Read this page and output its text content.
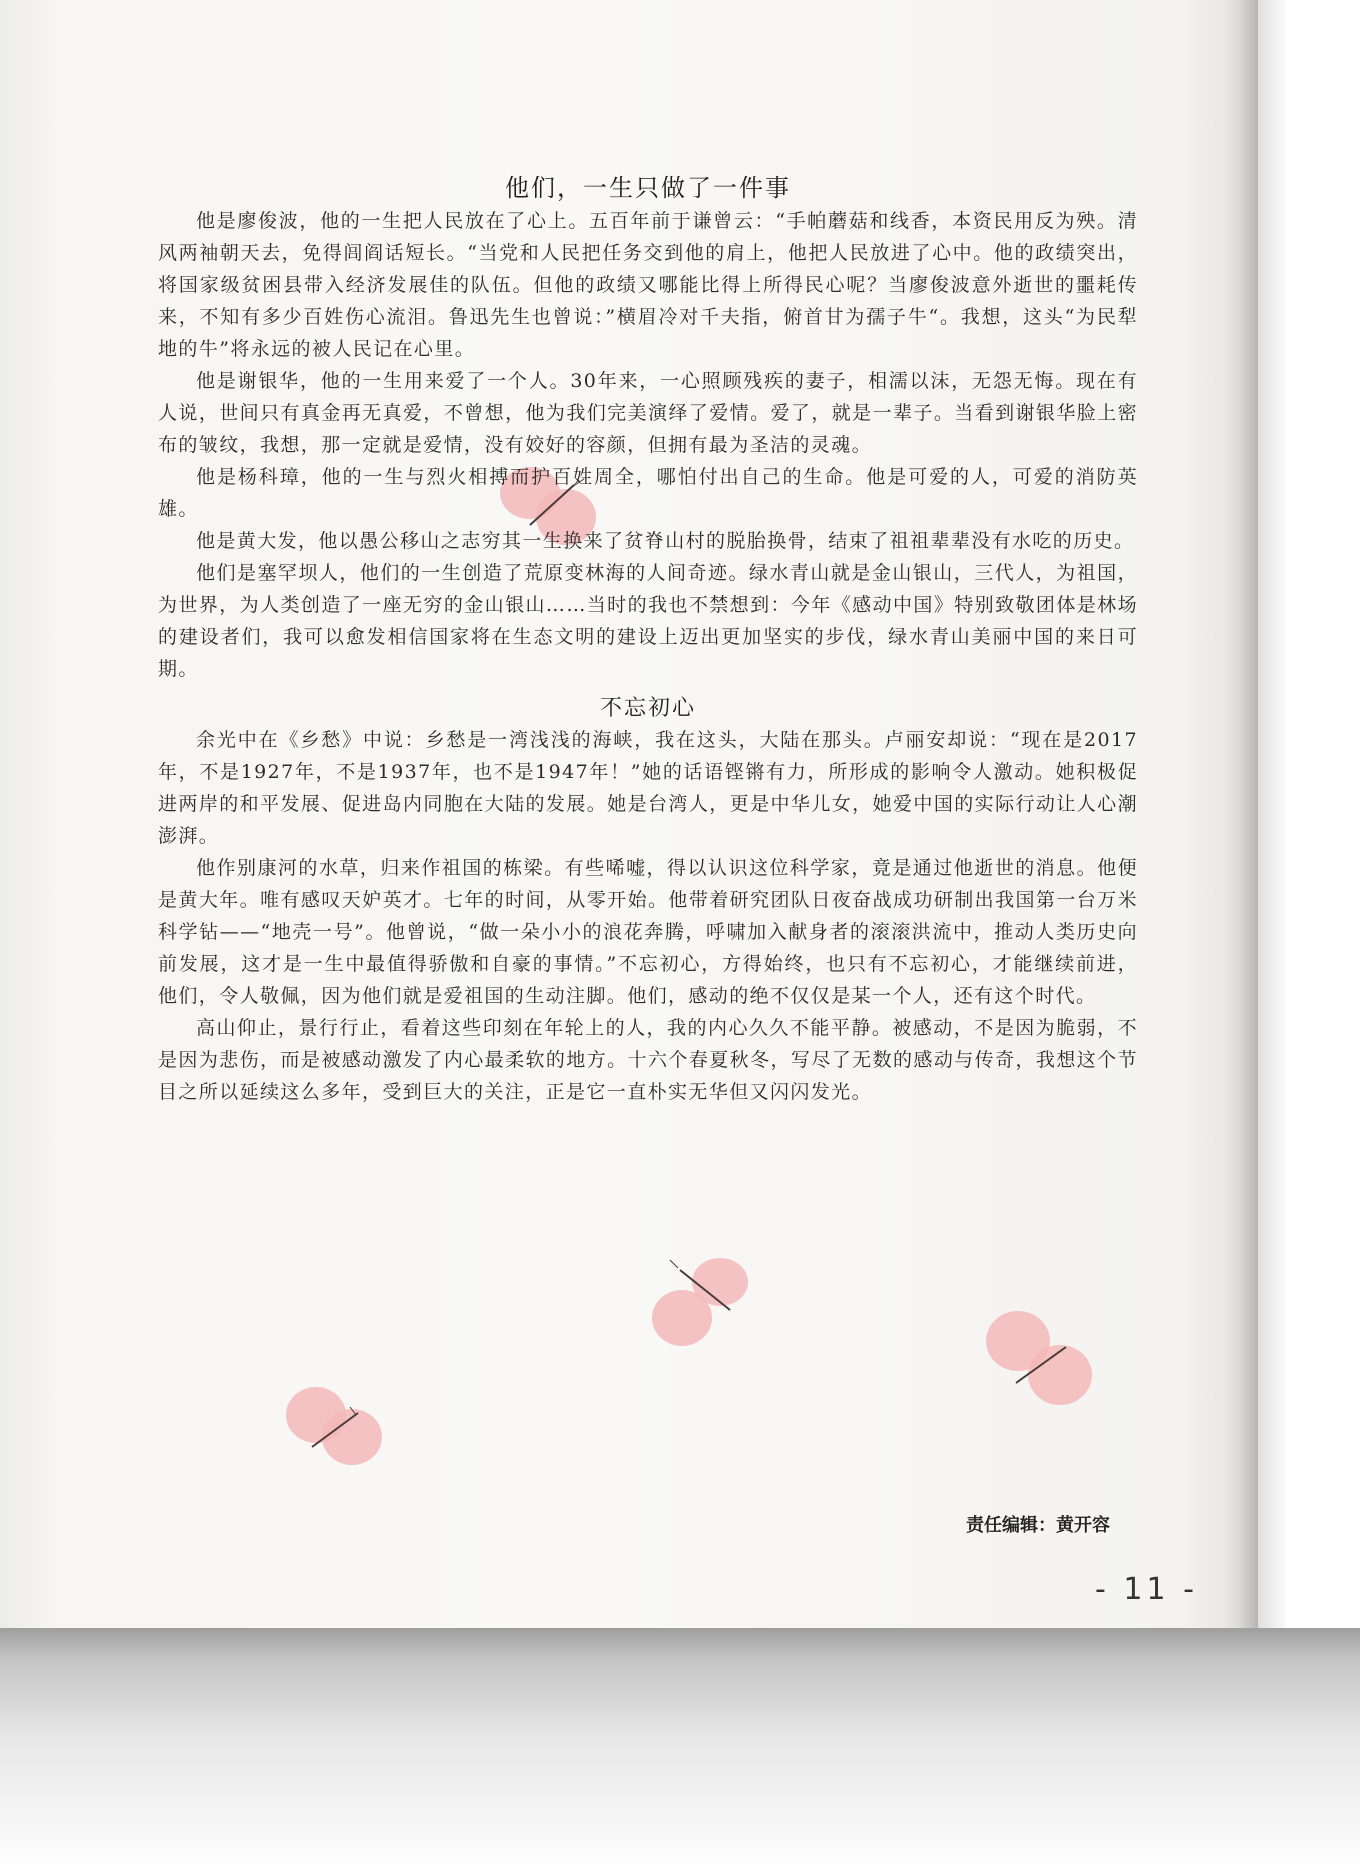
他们，一生只做了一件事

他是廖俊波，他的一生把人民放在了心上。五百年前于谦曾云：“手帕蘑菇和线香，本资民用反为殃。清风两袖朝天去，免得闾阎话短长。“当党和人民把任务交到他的肩上，他把人民放进了心中。他的政绩突出，将国家级贫困县带入经济发展佳的队伍。但他的政绩又哪能比得上所得民心呢？当廖俊波意外逝世的噩耗传来，不知有多少百姓伤心流泪。鲁迅先生也曾说：”横眉冷对千夫指，俯首甘为孺子牛“。我想，这头“为民犁地的牛”将永远的被人民记在心里。

他是谢银华，他的一生用来爱了一个人。30年来，一心照顾残疾的妻子，相濡以沫，无怨无悔。现在有人说，世间只有真金再无真爱，不曾想，他为我们完美演绎了爱情。爱了，就是一辈子。当看到谢银华脸上密布的皱纹，我想，那一定就是爱情，没有姣好的容颜，但拥有最为圣洁的灵魂。

他是杨科璋，他的一生与烈火相搏而护百姓周全，哪怕付出自己的生命。他是可爱的人，可爱的消防英雄。

他是黄大发，他以愚公移山之志穷其一生换来了贫脊山村的脱胎换骨，结束了祖祖辈辈没有水吃的历史。

他们是塞罕坝人，他们的一生创造了荒原变林海的人间奇迹。绿水青山就是金山银山，三代人，为祖国，为世界，为人类创造了一座无穷的金山银山……当时的我也不禁想到：今年《感动中国》特别致敬团体是林场的建设者们，我可以愈发相信国家将在生态文明的建设上迈出更加坚实的步伐，绿水青山美丽中国的来日可期。

不忘初心

余光中在《乡愁》中说：乡愁是一湾浅浅的海峡，我在这头，大陆在那头。卢丽安却说：“现在是2017年，不是1927年，不是1937年，也不是1947年！”她的话语铿锵有力，所形成的影响令人激动。她积极促进两岸的和平发展、促进岛内同胞在大陆的发展。她是台湾人，更是中华儿女，她爱中国的实际行动让人心潮澎湃。

他作别康河的水草，归来作祖国的栋梁。有些唏嘘，得以认识这位科学家，竟是通过他逝世的消息。他便是黄大年。唯有感叹天妒英才。七年的时间，从零开始。他带着研究团队日夜奋战成功研制出我国第一台万米科学钻——“地壳一号”。他曾说，“做一朵小小的浪花奔腾，呼啸加入献身者的滚滚洪流中，推动人类历史向前发展，这才是一生中最值得骄傲和自豪的事情。”不忘初心，方得始终，也只有不忘初心，才能继续前进，他们，令人敬佩，因为他们就是爱祖国的生动注脚。他们，感动的绝不仅仅是某一个人，还有这个时代。

高山仰止，景行行止，看着这些印刻在年轮上的人，我的内心久久不能平静。被感动，不是因为脆弱，不是因为悲伤，而是被感动激发了内心最柔软的地方。十六个春夏秋冬，写尽了无数的感动与传奇，我想这个节目之所以延续这么多年，受到巨大的关注，正是它一直朴实无华但又闪闪发光。

责任编辑：黄开容
- 11 -
